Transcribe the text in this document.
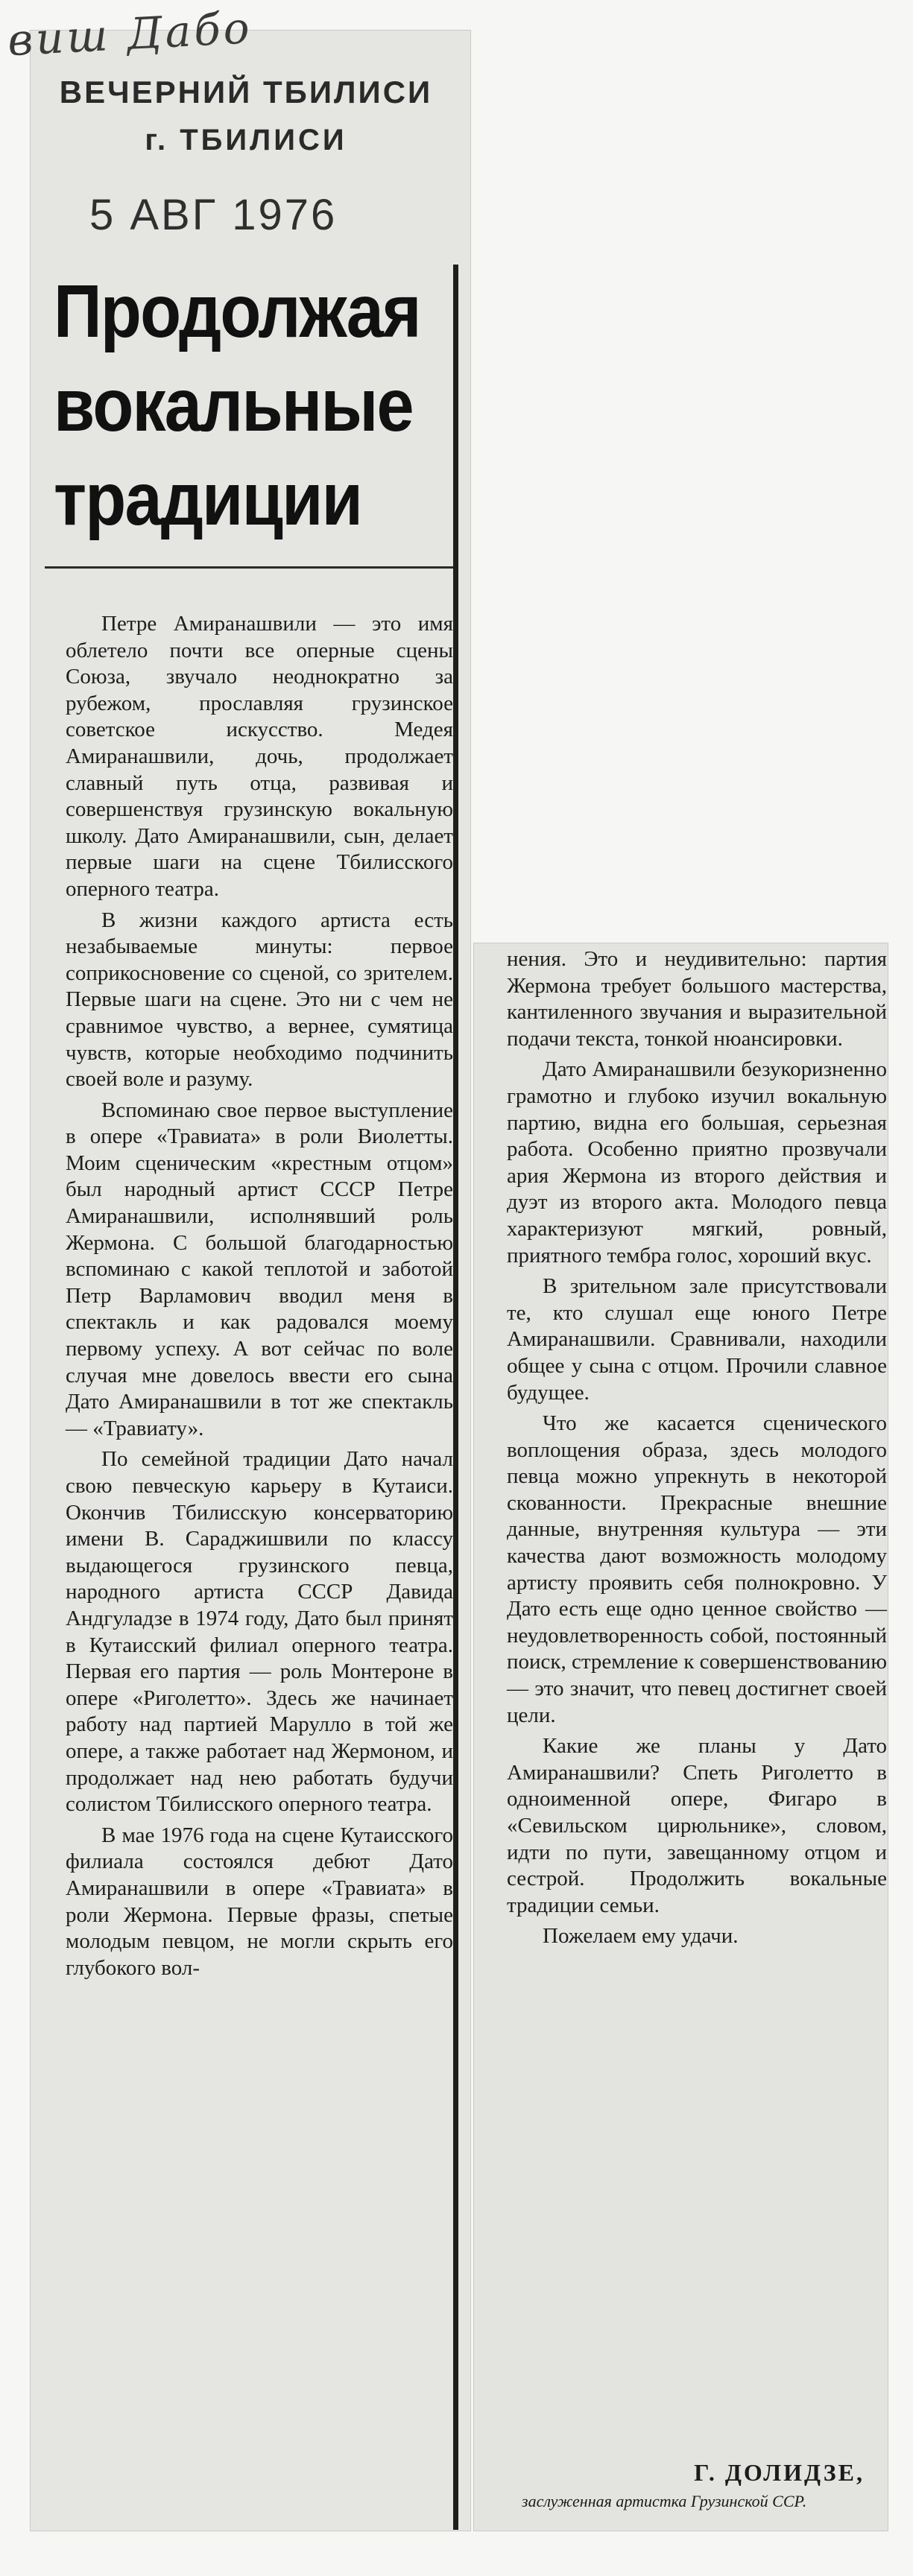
виш Дабо
ВЕЧЕРНИЙ ТБИЛИСИ
г. ТБИЛИСИ
5 АВГ 1976
Продолжая
вокальные
традиции

Петре Амиранашвили — это имя облетело почти все оперные сцены Союза, звучало неоднократно за рубежом, прославляя грузинское советское искусство. Медея Амиранашвили, дочь, продолжает славный путь отца, развивая и совершенствуя грузинскую вокальную школу. Дато Амиранашвили, сын, делает первые шаги на сцене Тбилисского оперного театра.

В жизни каждого артиста есть незабываемые минуты: первое соприкосновение со сценой, со зрителем. Первые шаги на сцене. Это ни с чем не сравнимое чувство, а вернее, сумятица чувств, которые необходимо подчинить своей воле и разуму.

Вспоминаю свое первое выступление в опере «Травиата» в роли Виолетты. Моим сценическим «крестным отцом» был народный артист СССР Петре Амиранашвили, исполнявший роль Жермона. С большой благодарностью вспоминаю с какой теплотой и заботой Петр Варламович вводил меня в спектакль и как радовался моему первому успеху. А вот сейчас по воле случая мне довелось ввести его сына Дато Амиранашвили в тот же спектакль — «Травиату».

По семейной традиции Дато начал свою певческую карьеру в Кутаиси. Окончив Тбилисскую консерваторию имени В. Сараджишвили по классу выдающегося грузинского певца, народного артиста СССР Давида Андгуладзе в 1974 году, Дато был принят в Кутаисский филиал оперного театра. Первая его партия — роль Монтероне в опере «Риголетто». Здесь же начинает работу над партией Марулло в той же опере, а также работает над Жермоном, и продолжает над нею работать будучи солистом Тбилисского оперного театра.

В мае 1976 года на сцене Кутаисского филиала состоялся дебют Дато Амиранашвили в опере «Травиата» в роли Жермона. Первые фразы, спетые молодым певцом, не могли скрыть его глубокого вол-

нения. Это и неудивительно: партия Жермона требует большого мастерства, кантиленного звучания и выразительной подачи текста, тонкой нюансировки.

Дато Амиранашвили безукоризненно грамотно и глубоко изучил вокальную партию, видна его большая, серьезная работа. Особенно приятно прозвучали ария Жермона из второго действия и дуэт из второго акта. Молодого певца характеризуют мягкий, ровный, приятного тембра голос, хороший вкус.

В зрительном зале присутствовали те, кто слушал еще юного Петре Амиранашвили. Сравнивали, находили общее у сына с отцом. Прочили славное будущее.

Что же касается сценического воплощения образа, здесь молодого певца можно упрекнуть в некоторой скованности. Прекрасные внешние данные, внутренняя культура — эти качества дают возможность молодому артисту проявить себя полнокровно. У Дато есть еще одно ценное свойство — неудовлетворенность собой, постоянный поиск, стремление к совершенствованию — это значит, что певец достигнет своей цели.

Какие же планы у Дато Амиранашвили? Спеть Риголетто в одноименной опере, Фигаро в «Севильском цирюльнике», словом, идти по пути, завещанному отцом и сестрой. Продолжить вокальные традиции семьи.

Пожелаем ему удачи.

Г. ДОЛИДЗЕ,
заслуженная артистка Грузинской ССР.
